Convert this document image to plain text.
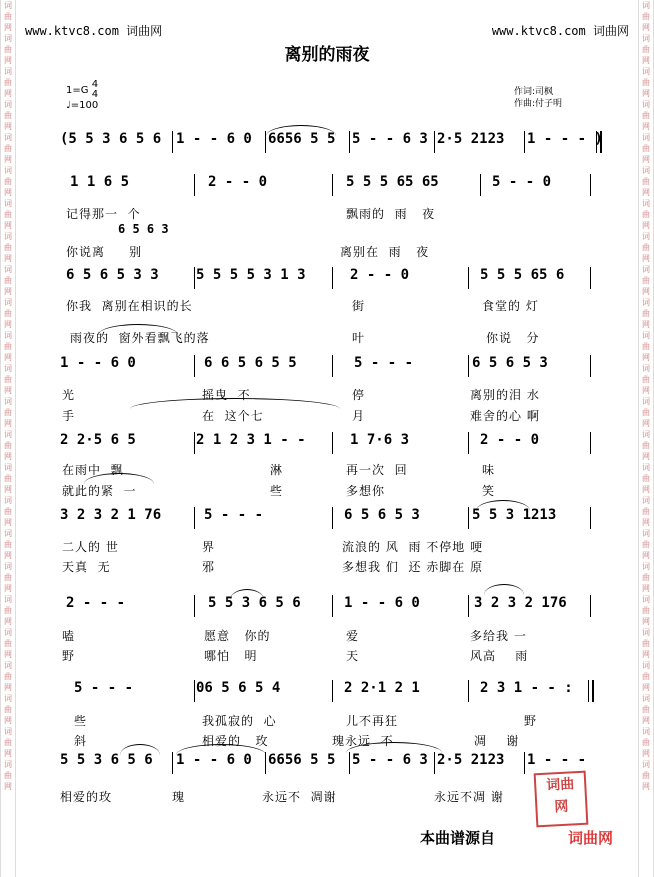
词
曲
网
词
曲
网
词
曲
网
词
曲
网
词
曲
网
词
曲
网
词
曲
网
词
曲
网
词
曲
网
词
曲
网
词
曲
网
词
曲
网
词
曲
网
词
曲
网
词
曲
网
词
曲
网
词
曲
网
词
曲
网
词
曲
网
词
曲
网
词
曲
网
词
曲
网
词
曲
网
词
曲
网
词
曲
网
词
曲
网
词
曲
网
词
曲
网
词
曲
网
词
曲
网
词
曲
网
词
曲
网
词
曲
网
词
曲
网
词
曲
网
词
曲
网
词
曲
网
词
曲
网
词
曲
网
词
曲
网
词
曲
网
词
曲
网
词
曲
网
词
曲
网
词
曲
网
词
曲
网
词
曲
网
词
曲
网
www.ktvc8.com 词曲网	www.ktvc8.com 词曲网
离别的雨夜
1=G 4
4
♩=100
作词:司枫
作曲:付子明
(5 5 3 6 5 6 1 - - 6 0 6656 5 5 5 - - 6 3 2·5 2123 1 - - - )
1 1 6 5	2 - - 0	5 5 5 65 65	5 - - 0
记得那一  个	飘雨的  雨   夜
你说离     别	离别在  雨   夜
6 5 6 3
6 5 6 5 3 3	5 5 5 5 3 1 3	2 - - 0	5 5 5 65 6
你我  离别在相识的长	街	食堂的 灯
雨夜的  窗外看飘飞的落	叶	你说   分
1 - - 6 0	6 6 5 6 5 5	5 - - -	6 5 6 5 3
光	摇曳  不	停	离别的泪 水
手	在  这个七	月	难舍的心 啊
2 2·5 6 5	2 1 2 3 1 - -	1 7·6 3	2 - - 0
在雨中  飘	淋	再一次  回	味
就此的紧  一	些	多想你	笑
3 2 3 2 1 76	5 - - -	6 5 6 5 3	5 5 3 1213
二人的 世	界	流浪的 风  雨 不停地 哽
天真  无	邪	多想我 们  还 赤脚在 原
2 - - -	5 5 3 6 5 6	1 - - 6 0	3 2 3 2 176
嗑	愿意   你的	爱	多给我 一
野	哪怕   明	天	风高    雨
5 - - -	06 5 6 5 4	2 2·1 2 1	2 3 1 - - :
些	我孤寂的  心	儿不再狂	野
斜	相爱的   玫	瑰永远  不	凋    谢
5 5 3 6 5 6 1 - - 6 0 6656 5 5 5 - - 6 3 2·5 2123 1 - - -
相爱的玫	瑰	永远不  凋谢	永远不凋 谢
词曲
网
本曲谱源自	词曲网
